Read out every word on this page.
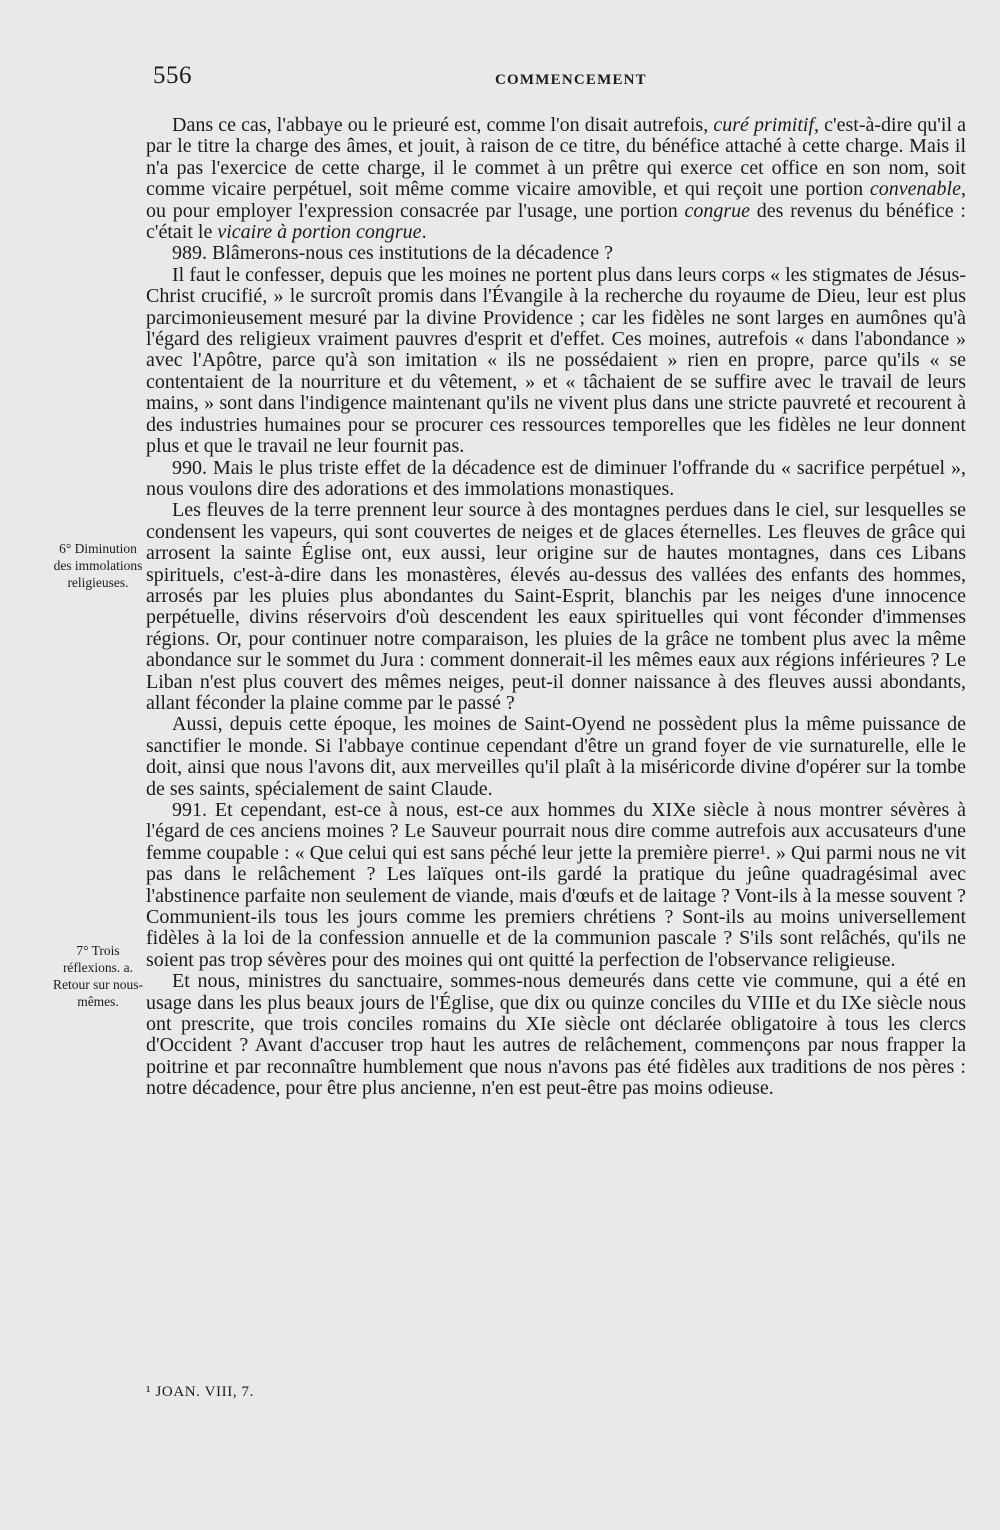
556	COMMENCEMENT
6° Diminution des immolations religieuses.
7° Trois réflexions. a. Retour sur nous-mêmes.

Dans ce cas, l'abbaye ou le prieuré est, comme l'on disait autrefois, curé primitif, c'est-à-dire qu'il a par le titre la charge des âmes, et jouit, à raison de ce titre, du bénéfice attaché à cette charge. Mais il n'a pas l'exercice de cette charge, il le commet à un prêtre qui exerce cet office en son nom, soit comme vicaire perpétuel, soit même comme vicaire amovible, et qui reçoit une portion convenable, ou pour employer l'expression consacrée par l'usage, une portion congrue des revenus du bénéfice : c'était le vicaire à portion congrue.

989. Blâmerons-nous ces institutions de la décadence ?

Il faut le confesser, depuis que les moines ne portent plus dans leurs corps « les stigmates de Jésus-Christ crucifié, » le surcroît promis dans l'Évangile à la recherche du royaume de Dieu, leur est plus parcimonieusement mesuré par la divine Providence ; car les fidèles ne sont larges en aumônes qu'à l'égard des religieux vraiment pauvres d'esprit et d'effet. Ces moines, autrefois « dans l'abondance » avec l'Apôtre, parce qu'à son imitation « ils ne possédaient » rien en propre, parce qu'ils « se contentaient de la nourriture et du vêtement, » et « tâchaient de se suffire avec le travail de leurs mains, » sont dans l'indigence maintenant qu'ils ne vivent plus dans une stricte pauvreté et recourent à des industries humaines pour se procurer ces ressources temporelles que les fidèles ne leur donnent plus et que le travail ne leur fournit pas.

990. Mais le plus triste effet de la décadence est de diminuer l'offrande du « sacrifice perpétuel », nous voulons dire des adorations et des immolations monastiques.

Les fleuves de la terre prennent leur source à des montagnes perdues dans le ciel, sur lesquelles se condensent les vapeurs, qui sont couvertes de neiges et de glaces éternelles. Les fleuves de grâce qui arrosent la sainte Église ont, eux aussi, leur origine sur de hautes montagnes, dans ces Libans spirituels, c'est-à-dire dans les monastères, élevés au-dessus des vallées des enfants des hommes, arrosés par les pluies plus abondantes du Saint-Esprit, blanchis par les neiges d'une innocence perpétuelle, divins réservoirs d'où descendent les eaux spirituelles qui vont féconder d'immenses régions. Or, pour continuer notre comparaison, les pluies de la grâce ne tombent plus avec la même abondance sur le sommet du Jura : comment donnerait-il les mêmes eaux aux régions inférieures ? Le Liban n'est plus couvert des mêmes neiges, peut-il donner naissance à des fleuves aussi abondants, allant féconder la plaine comme par le passé ?

Aussi, depuis cette époque, les moines de Saint-Oyend ne possèdent plus la même puissance de sanctifier le monde. Si l'abbaye continue cependant d'être un grand foyer de vie surnaturelle, elle le doit, ainsi que nous l'avons dit, aux merveilles qu'il plaît à la miséricorde divine d'opérer sur la tombe de ses saints, spécialement de saint Claude.

991. Et cependant, est-ce à nous, est-ce aux hommes du XIXe siècle à nous montrer sévères à l'égard de ces anciens moines ? Le Sauveur pourrait nous dire comme autrefois aux accusateurs d'une femme coupable : « Que celui qui est sans péché leur jette la première pierre¹. » Qui parmi nous ne vit pas dans le relâchement ? Les laïques ont-ils gardé la pratique du jeûne quadragésimal avec l'abstinence parfaite non seulement de viande, mais d'œufs et de laitage ? Vont-ils à la messe souvent ? Communient-ils tous les jours comme les premiers chrétiens ? Sont-ils au moins universellement fidèles à la loi de la confession annuelle et de la communion pascale ? S'ils sont relâchés, qu'ils ne soient pas trop sévères pour des moines qui ont quitté la perfection de l'observance religieuse.

Et nous, ministres du sanctuaire, sommes-nous demeurés dans cette vie commune, qui a été en usage dans les plus beaux jours de l'Église, que dix ou quinze conciles du VIIIe et du IXe siècle nous ont prescrite, que trois conciles romains du XIe siècle ont déclarée obligatoire à tous les clercs d'Occident ? Avant d'accuser trop haut les autres de relâchement, commençons par nous frapper la poitrine et par reconnaître humblement que nous n'avons pas été fidèles aux traditions de nos pères : notre décadence, pour être plus ancienne, n'en est peut-être pas moins odieuse.

¹ JOAN. VIII, 7.
